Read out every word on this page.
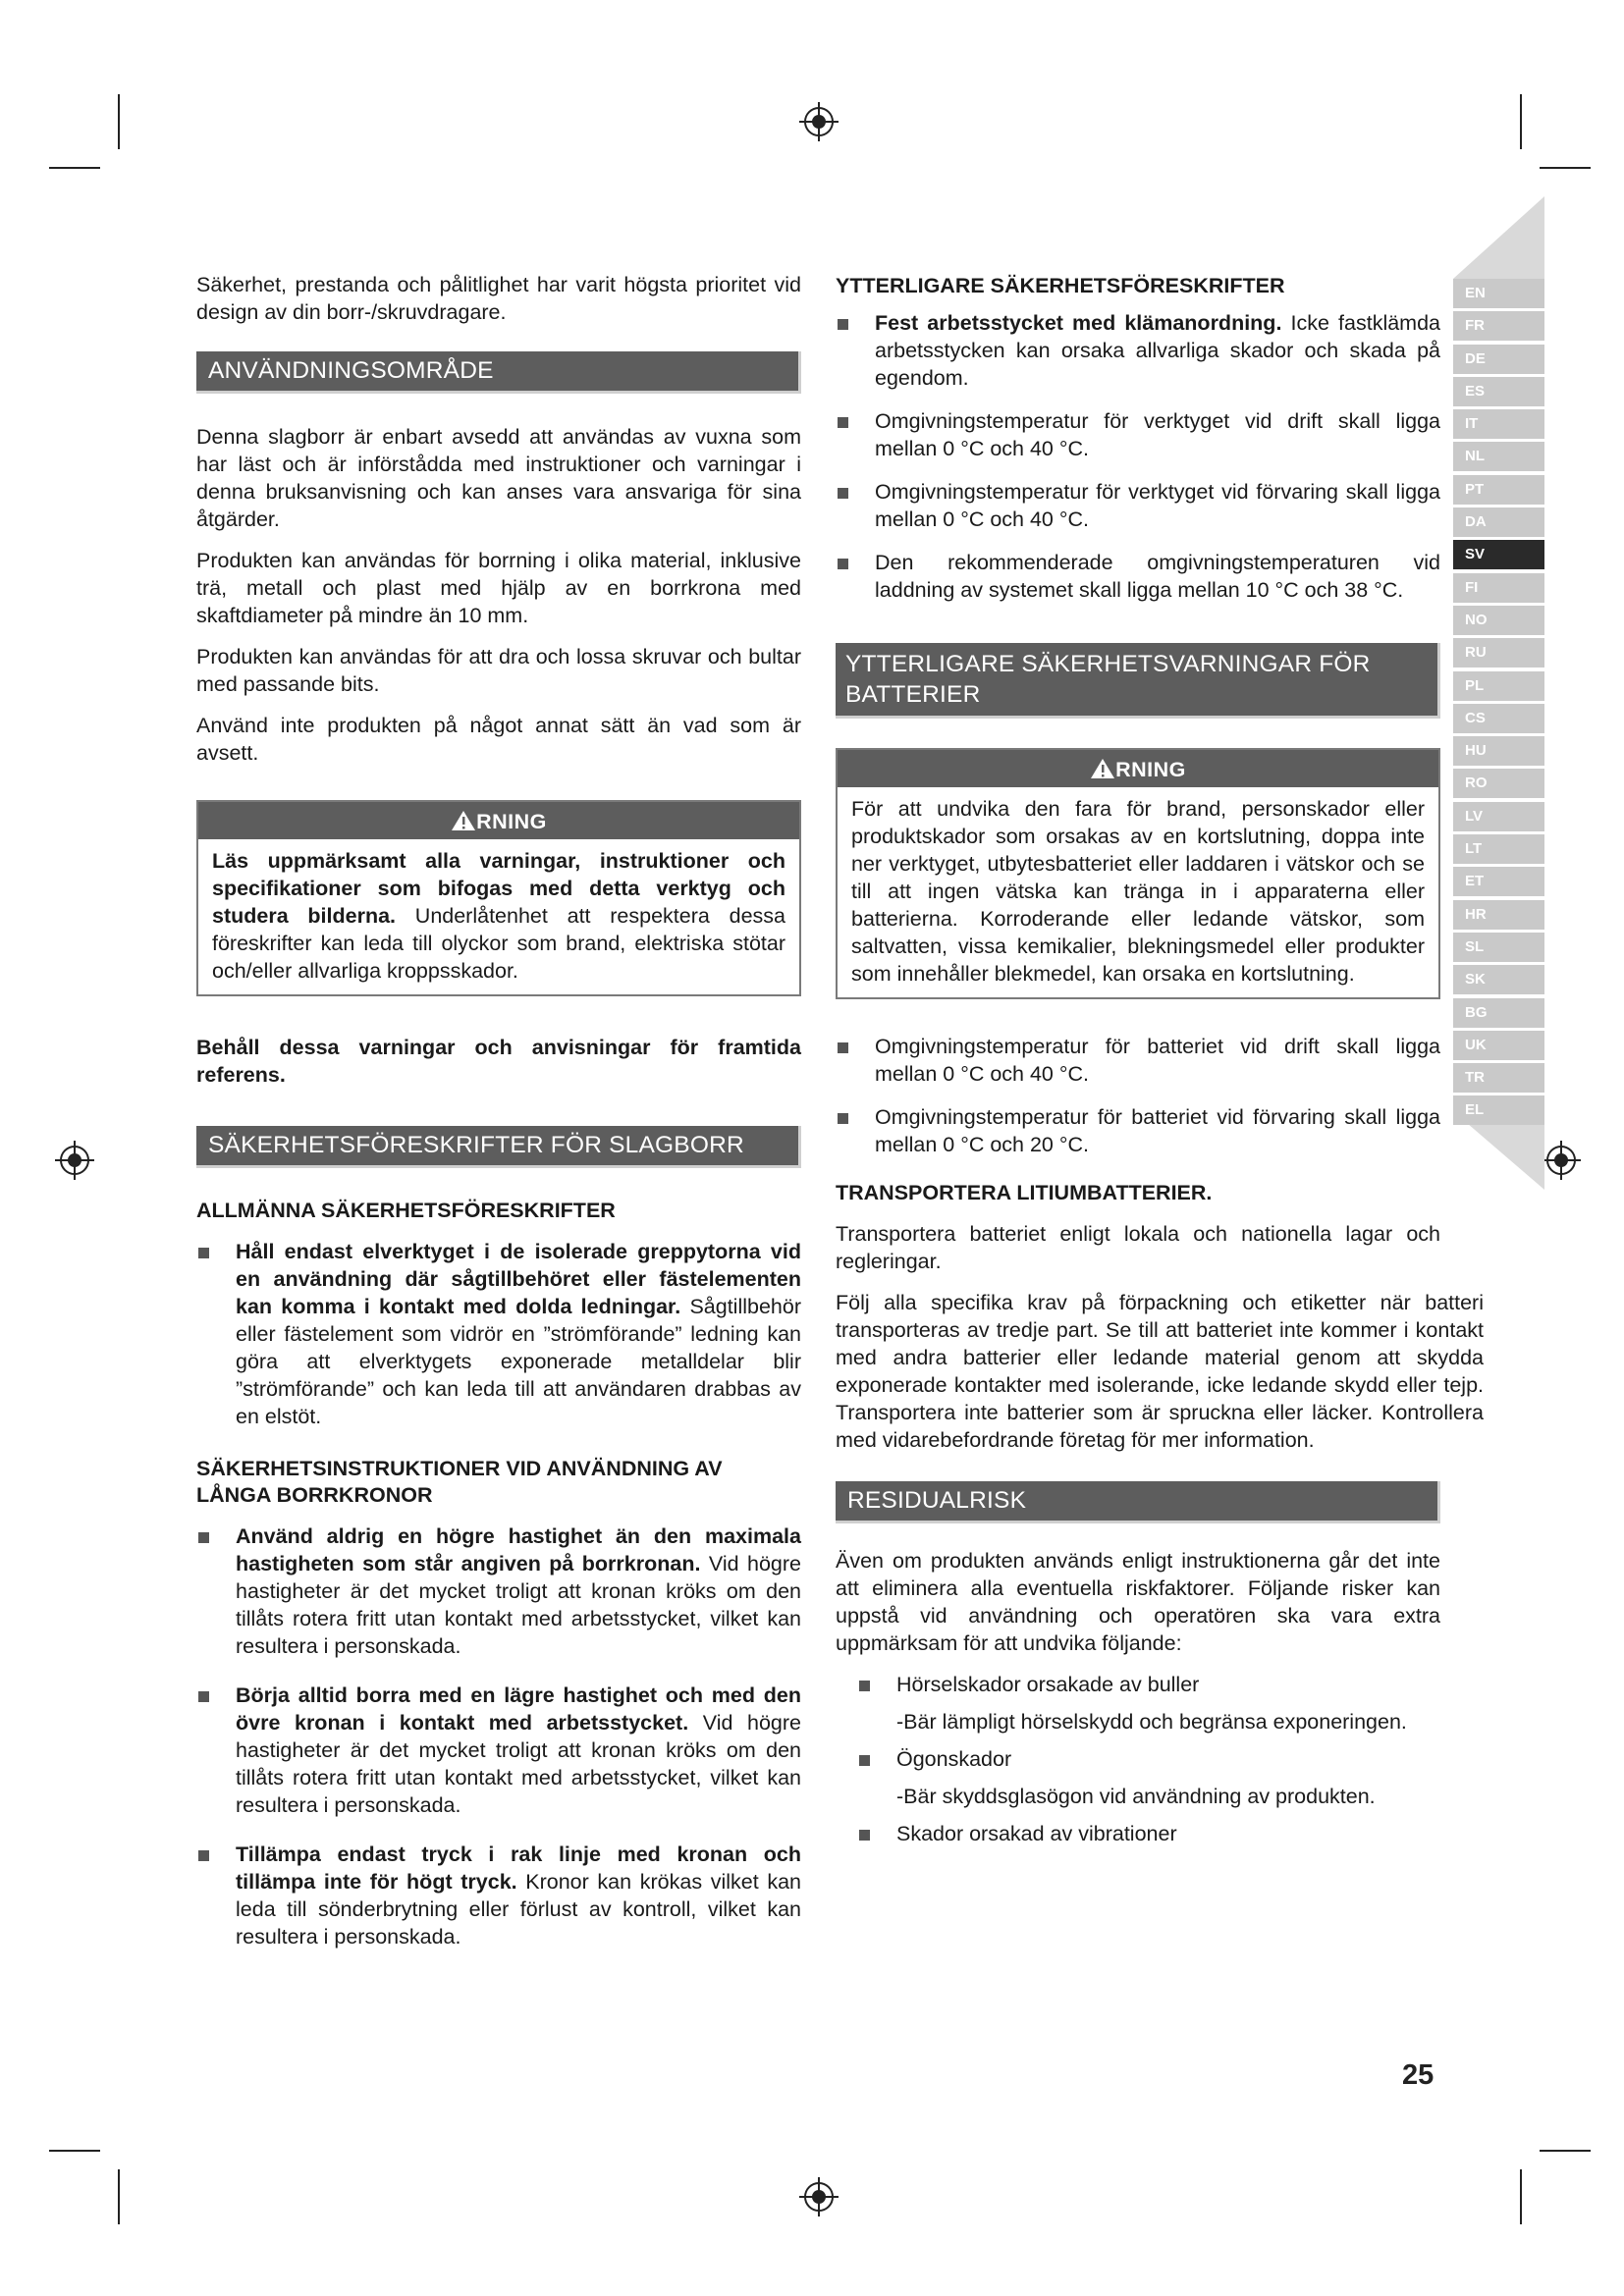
Säkerhet, prestanda och pålitlighet har varit högsta prioritet vid design av din borr-/skruvdragare.

ANVÄNDNINGSOMRÅDE

Denna slagborr är enbart avsedd att användas av vuxna som har läst och är införstådda med instruktioner och varningar i denna bruksanvisning och kan anses vara ansvariga för sina åtgärder.

Produkten kan användas för borrning i olika material, inklusive trä, metall och plast med hjälp av en borrkrona med skaftdiameter på mindre än 10 mm.

Produkten kan användas för att dra och lossa skruvar och bultar med passande bits.

Använd inte produkten på något annat sätt än vad som är avsett.

RNING
Läs uppmärksamt alla varningar, instruktioner och specifikationer som bifogas med detta verktyg och studera bilderna. Underlåtenhet att respektera dessa föreskrifter kan leda till olyckor som brand, elektriska stötar och/eller allvarliga kroppsskador.

Behåll dessa varningar och anvisningar för framtida referens.

SÄKERHETSFÖRESKRIFTER FÖR SLAGBORR
ALLMÄNNA SÄKERHETSFÖRESKRIFTER
Håll endast elverktyget i de isolerade greppytorna vid en användning där sågtillbehöret eller fästelementen kan komma i kontakt med dolda ledningar. Sågtillbehör eller fästelement som vidrör en ”strömförande” ledning kan göra att elverktygets exponerade metalldelar blir ”strömförande” och kan leda till att användaren drabbas av en elstöt.
SÄKERHETSINSTRUKTIONER VID ANVÄNDNING AV LÅNGA BORRKRONOR
Använd aldrig en högre hastighet än den maximala hastigheten som står angiven på borrkronan. Vid högre hastigheter är det mycket troligt att kronan kröks om den tillåts rotera fritt utan kontakt med arbetsstycket, vilket kan resultera i personskada.
Börja alltid borra med en lägre hastighet och med den övre kronan i kontakt med arbetsstycket. Vid högre hastigheter är det mycket troligt att kronan kröks om den tillåts rotera fritt utan kontakt med arbetsstycket, vilket kan resultera i personskada.
Tillämpa endast tryck i rak linje med kronan och tillämpa inte för högt tryck. Kronor kan krökas vilket kan leda till sönderbrytning eller förlust av kontroll, vilket kan resultera i personskada.
YTTERLIGARE SÄKERHETSFÖRESKRIFTER
Fest arbetsstycket med klämanordning. Icke fastklämda arbetsstycken kan orsaka allvarliga skador och skada på egendom.
Omgivningstemperatur för verktyget vid drift skall ligga mellan 0 °C och 40 °C.
Omgivningstemperatur för verktyget vid förvaring skall ligga mellan 0 °C och 40 °C.
Den rekommenderade omgivningstemperaturen vid laddning av systemet skall ligga mellan 10 °C och 38 °C.
YTTERLIGARE SÄKERHETSVARNINGAR FÖR BATTERIER
RNING
För att undvika den fara för brand, personskador eller produktskador som orsakas av en kortslutning, doppa inte ner verktyget, utbytesbatteriet eller laddaren i vätskor och se till att ingen vätska kan tränga in i apparaterna eller batterierna. Korroderande eller ledande vätskor, som saltvatten, vissa kemikalier, blekningsmedel eller produkter som innehåller blekmedel, kan orsaka en kortslutning.
Omgivningstemperatur för batteriet vid drift skall ligga mellan 0 °C och 40 °C.
Omgivningstemperatur för batteriet vid förvaring skall ligga mellan 0 °C och 20 °C.
TRANSPORTERA LITIUMBATTERIER.

Transportera batteriet enligt lokala och nationella lagar och regleringar.

Följ alla specifika krav på förpackning och etiketter när batteri transporteras av tredje part. Se till att batteriet inte kommer i kontakt med andra batterier eller ledande material genom att skydda exponerade kontakter med isolerande, icke ledande skydd eller tejp. Transportera inte batterier som är spruckna eller läcker. Kontrollera med vidarebefordrande företag för mer information.

RESIDUALRISK

Även om produkten används enligt instruktionerna går det inte att eliminera alla eventuella riskfaktorer. Följande risker kan uppstå vid användning och operatören ska vara extra uppmärksam för att undvika följande:

Hörselskador orsakade av buller
-Bär lämpligt hörselskydd och begränsa exponeringen.
Ögonskador
-Bär skyddsglasögon vid användning av produkten.
Skador orsakad av vibrationer
EN
FR
DE
ES
IT
NL
PT
DA
SV
FI
NO
RU
PL
CS
HU
RO
LV
LT
ET
HR
SL
SK
BG
UK
TR
EL
25
